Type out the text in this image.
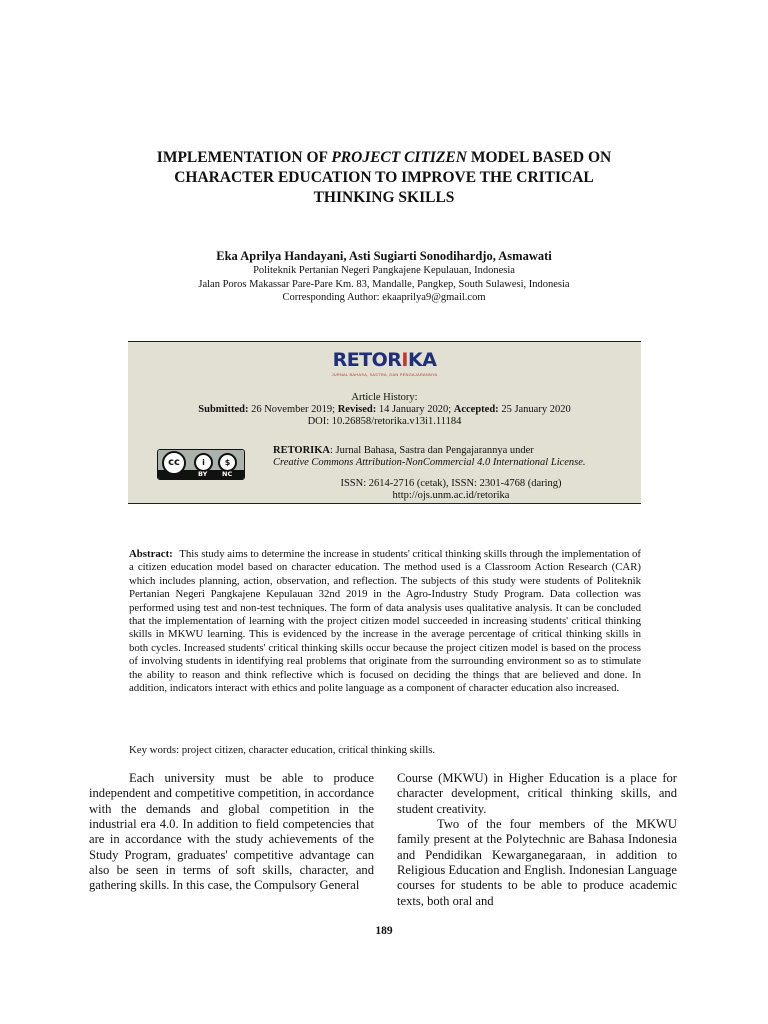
IMPLEMENTATION OF PROJECT CITIZEN MODEL BASED ON
CHARACTER EDUCATION TO IMPROVE THE CRITICAL
THINKING SKILLS
Eka Aprilya Handayani, Asti Sugiarti Sonodihardjo, Asmawati
Politeknik Pertanian Negeri Pangkajene Kepulauan, Indonesia
Jalan Poros Makassar Pare-Pare Km. 83, Mandalle, Pangkep, South Sulawesi, Indonesia
Corresponding Author: ekaaprilya9@gmail.com
RETORIKA
JURNAL BAHASA, SASTRA, DAN PENGAJARANNYA
Article History:
Submitted: 26 November 2019; Revised: 14 January 2020; Accepted: 25 January 2020
DOI: 10.26858/retorika.v13i1.11184
cc	i	$
BY NC
RETORIKA: Jurnal Bahasa, Sastra dan Pengajarannya under
Creative Commons Attribution-NonCommercial 4.0 International License.
ISSN: 2614-2716 (cetak), ISSN: 2301-4768 (daring)
http://ojs.unm.ac.id/retorika
Abstract: This study aims to determine the increase in students' critical thinking skills through the implementation of a citizen education model based on character education. The method used is a Classroom Action Research (CAR) which includes planning, action, observation, and reflection. The subjects of this study were students of Politeknik Pertanian Negeri Pangkajene Kepulauan 32nd 2019 in the Agro-Industry Study Program. Data collection was performed using test and non-test techniques. The form of data analysis uses qualitative analysis. It can be concluded that the implementation of learning with the project citizen model succeeded in increasing students' critical thinking skills in MKWU learning. This is evidenced by the increase in the average percentage of critical thinking skills in both cycles. Increased students' critical thinking skills occur because the project citizen model is based on the process of involving students in identifying real problems that originate from the surrounding environment so as to stimulate the ability to reason and think reflective which is focused on deciding the things that are believed and done. In addition, indicators interact with ethics and polite language as a component of character education also increased.
Key words: project citizen, character education, critical thinking skills.

Each university must be able to produce independent and competitive competition, in accordance with the demands and global competition in the industrial era 4.0. In addition to field competencies that are in accordance with the study achievements of the Study Program, graduates' competitive advantage can also be seen in terms of soft skills, character, and gathering skills. In this case, the Compulsory General

Course (MKWU) in Higher Education is a place for character development, critical thinking skills, and student creativity.

Two of the four members of the MKWU family present at the Polytechnic are Bahasa Indonesia and Pendidikan Kewarganegaraan, in addition to Religious Education and English. Indonesian Language courses for students to be able to produce academic texts, both oral and

189
